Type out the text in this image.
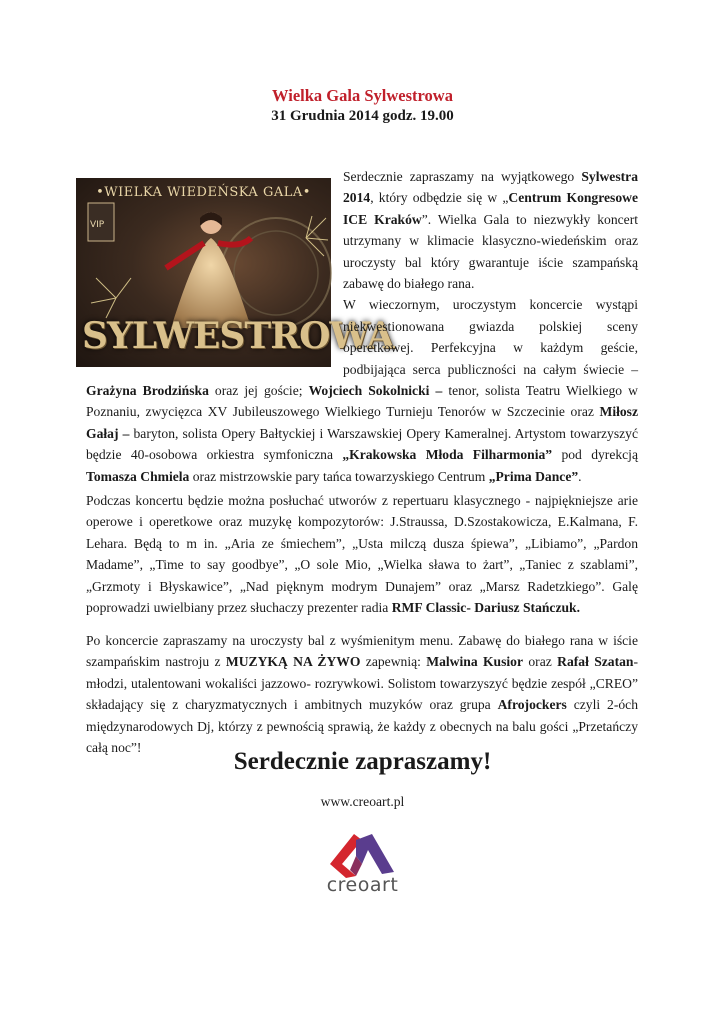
Wielka Gala Sylwestrowa
31 Grudnia 2014 godz. 19.00
•WIELKA WIEDEŃSKA GALA•
VIP
SYLWESTROWA
Serdecznie zapraszamy na wyjątkowego Sylwestra 2014, który odbędzie się w „Centrum Kongresowe ICE Kraków”. Wielka Gala to niezwykły koncert utrzymany w klimacie klasyczno-wiedeńskim oraz uroczysty bal który gwarantuje iście szampańską zabawę do białego rana.
W wieczornym, uroczystym koncercie wystąpi niekwestionowana gwiazda polskiej sceny operetkowej. Perfekcyjna w każdym geście, podbijająca serca publiczności na całym świecie – Grażyna Brodzińska oraz jej goście; Wojciech Sokolnicki – tenor, solista Teatru Wielkiego w Poznaniu, zwycięzca XV Jubileuszowego Wielkiego Turnieju Tenorów w Szczecinie oraz Miłosz Gałaj – baryton, solista Opery Bałtyckiej i Warszawskiej Opery Kameralnej. Artystom towarzyszyć będzie 40-osobowa orkiestra symfoniczna „Krakowska Młoda Filharmonia” pod dyrekcją Tomasza Chmiela oraz mistrzowskie pary tańca towarzyskiego Centrum „Prima Dance”.
Podczas koncertu będzie można posłuchać utworów z repertuaru klasycznego - najpiękniejsze arie operowe i operetkowe oraz muzykę kompozytorów: J.Straussa, D.Szostakowicza, E.Kalmana, F. Lehara. Będą to m in. „Aria ze śmiechem”, „Usta milczą dusza śpiewa”, „Libiamo”, „Pardon Madame”, „Time to say goodbye”, „O sole Mio, „Wielka sława to żart”, „Taniec z szablami”, „Grzmoty i Błyskawice”, „Nad pięknym modrym Dunajem” oraz „Marsz Radetzkiego”. Galę poprowadzi uwielbiany przez słuchaczy prezenter radia RMF Classic- Dariusz Stańczuk.
Po koncercie zapraszamy na uroczysty bal z wyśmienitym menu. Zabawę do białego rana w iście szampańskim nastroju z MUZYKĄ NA ŻYWO zapewnią: Malwina Kusior oraz Rafał Szatan- młodzi, utalentowani wokaliści jazzowo- rozrywkowi. Solistom towarzyszyć będzie zespół „CREO” składający się z charyzmatycznych i ambitnych muzyków oraz grupa Afrojockers czyli 2-óch międzynarodowych Dj, którzy z pewnością sprawią, że każdy z obecnych na balu gości „Przetańczy całą noc”!
Serdecznie zapraszamy!
www.creoart.pl
creoart
